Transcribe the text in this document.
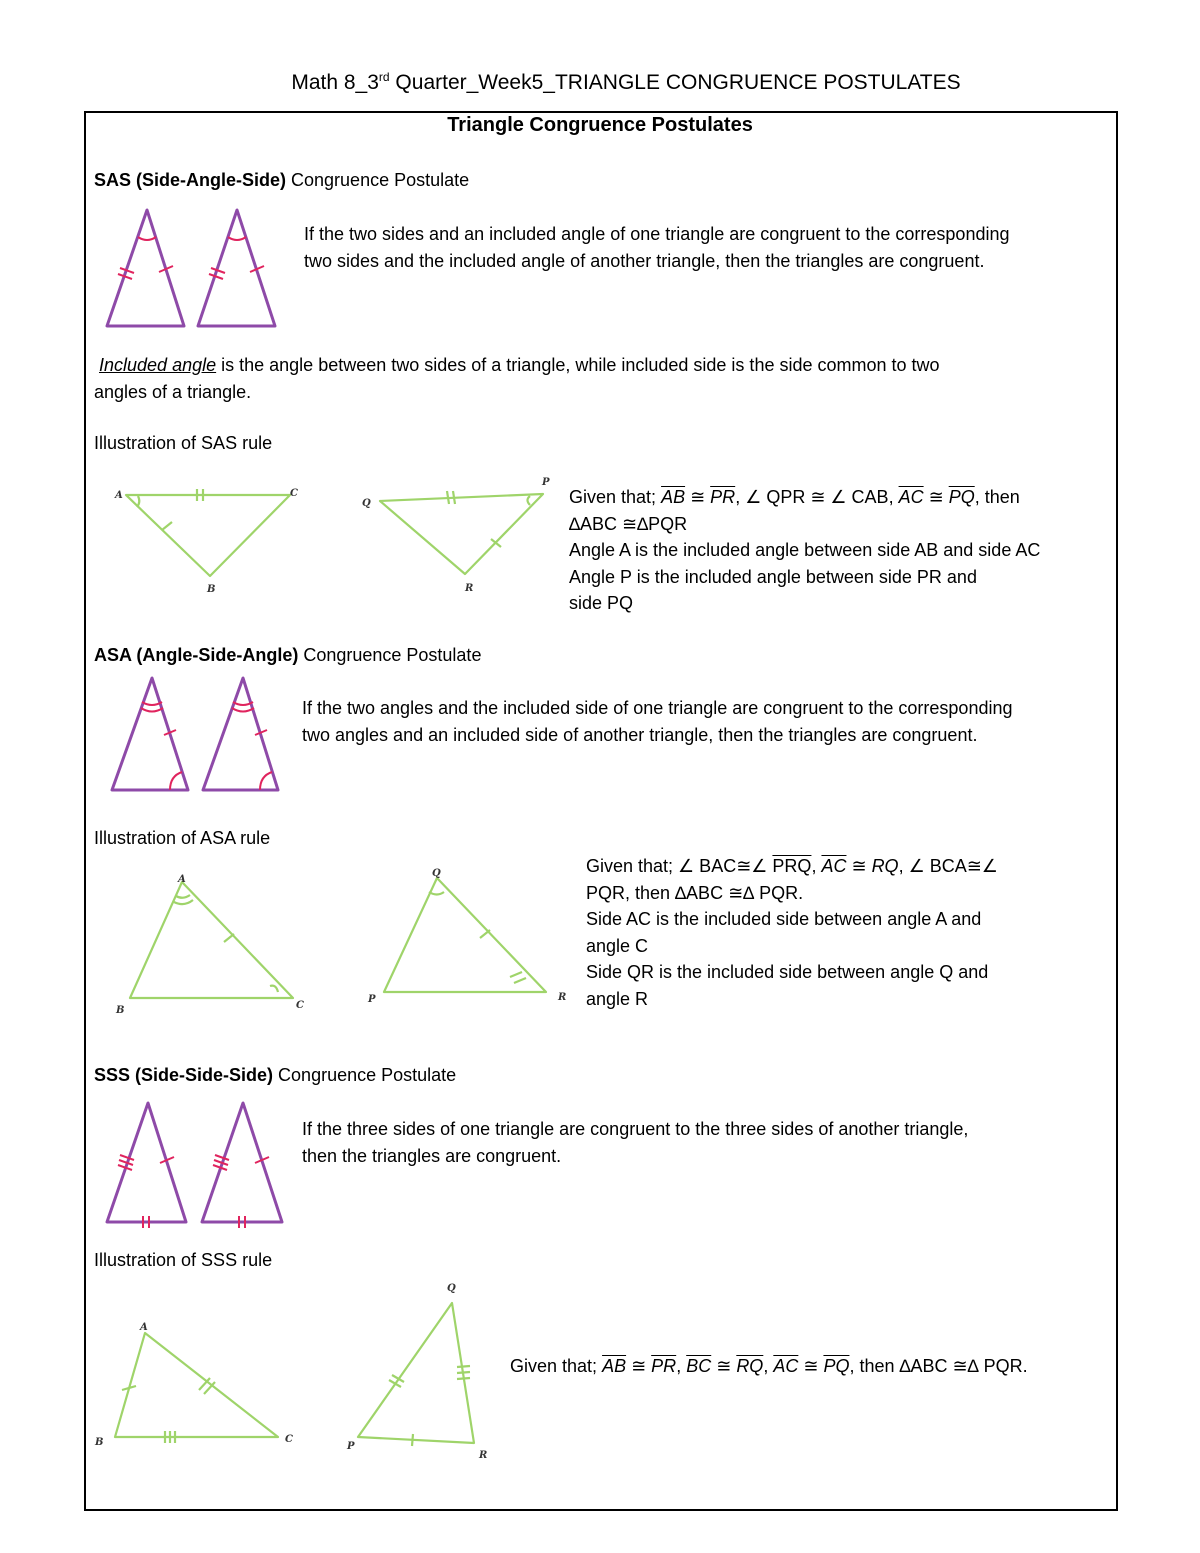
Math 8_3rd Quarter_Week5_TRIANGLE CONGRUENCE POSTULATES
Triangle Congruence Postulates
SAS (Side-Angle-Side) Congruence Postulate
If the two sides and an included angle of one triangle are congruent to the corresponding
two sides and the included angle of another triangle, then the triangles are congruent.
Included angle is the angle between two sides of a triangle, while included side is the side common to two
angles of a triangle.
Illustration of SAS rule
A	C
B
Q
P
R
Given that; $\overline{AB}$ ≅ $\overline{PR}$, ∠ QPR ≅ ∠ CAB, $\overline{AC}$ ≅ $\overline{PQ}$, then
∆ABC ≅∆PQR
Angle A is the included angle between side AB and side AC
Angle P is the included angle between side PR and
side PQ
ASA (Angle-Side-Angle) Congruence Postulate
If the two angles and the included side of one triangle are congruent to the corresponding
two angles and an included side of another triangle, then the triangles are congruent.
Illustration of ASA rule
A
B	C
Q
P	R
Given that; ∠ BAC≅∠ $\overline{PRQ}$, $\overline{AC}$ ≅ RQ, ∠ BCA≅∠
PQR, then ∆ABC ≅∆ PQR.
Side AC is the included side between angle A and
angle C
Side QR is the included side between angle Q and
angle R
SSS (Side-Side-Side) Congruence Postulate
If the three sides of one triangle are congruent to the three sides of another triangle,
then the triangles are congruent.
Illustration of SSS rule
A
B	C
Q
P
R
Given that; $\overline{AB}$ ≅ $\overline{PR}$, $\overline{BC}$ ≅ $\overline{RQ}$, $\overline{AC}$ ≅ $\overline{PQ}$, then ∆ABC ≅∆ PQR.
